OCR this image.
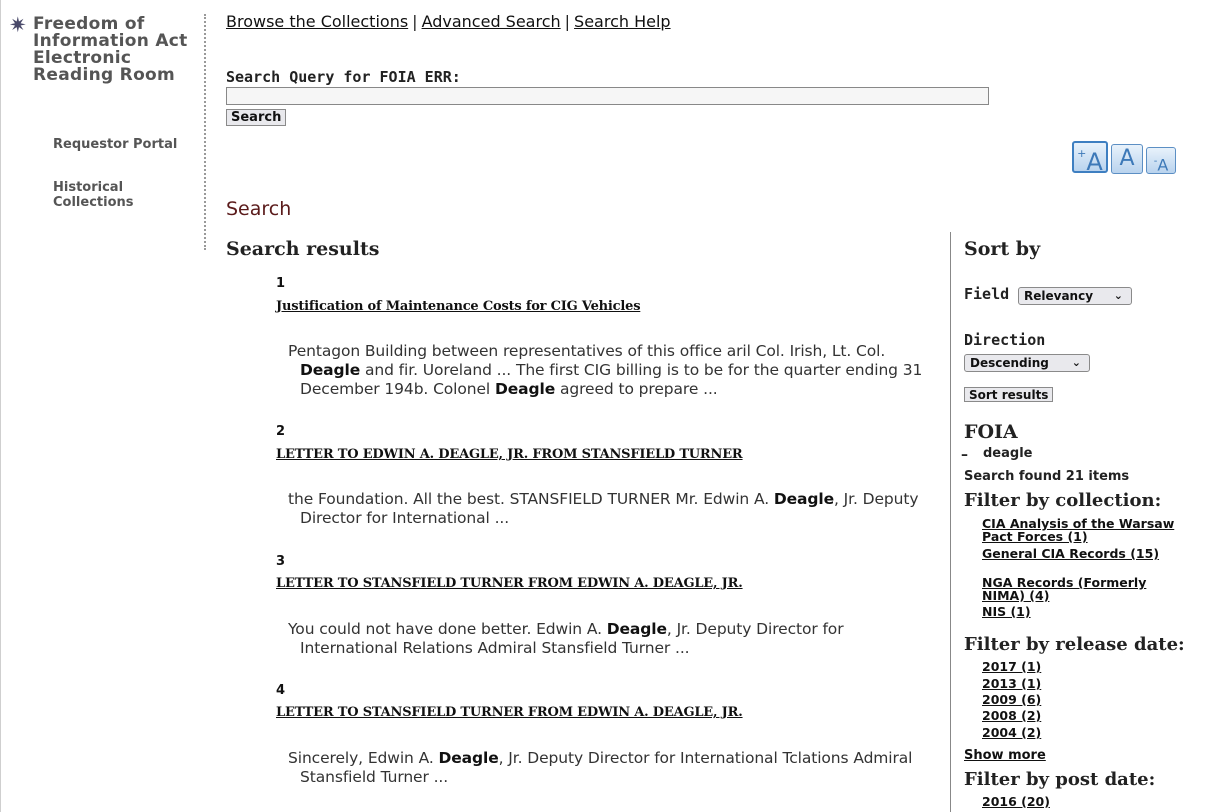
✷ Freedom of Information Act Electronic Reading Room
Requestor Portal
Historical Collections
Browse the Collections | Advanced Search | Search Help
Search Query for FOIA ERR:
Search
+A A	-A
Search
Search results
1
Justification of Maintenance Costs for CIG Vehicles
Pentagon Building between representatives of this office aril Col. Irish, Lt. Col. Deagle and fir. Uoreland ... The first CIG billing is to be for the quarter ending 31 December 194b. Colonel Deagle agreed to prepare ...
2
LETTER TO EDWIN A. DEAGLE, JR. FROM STANSFIELD TURNER
the Foundation. All the best. STANSFIELD TURNER Mr. Edwin A. Deagle, Jr. Deputy Director for International ...
3
LETTER TO STANSFIELD TURNER FROM EDWIN A. DEAGLE, JR.
You could not have done better. Edwin A. Deagle, Jr. Deputy Director for International Relations Admiral Stansfield Turner ...
4
LETTER TO STANSFIELD TURNER FROM EDWIN A. DEAGLE, JR.
Sincerely, Edwin A. Deagle, Jr. Deputy Director for International Tclations Admiral Stansfield Turner ...
Sort by
Field	Relevancy ⌄
Direction
Descending ⌄
Sort results
FOIA
– deagle
Search found 21 items
Filter by collection:
CIA Analysis of the Warsaw Pact Forces (1)
General CIA Records (15)
NGA Records (Formerly NIMA) (4)
NIS (1)
Filter by release date:
2017 (1)
2013 (1)
2009 (6)
2008 (2)
2004 (2)
Show more
Filter by post date:
2016 (20)
